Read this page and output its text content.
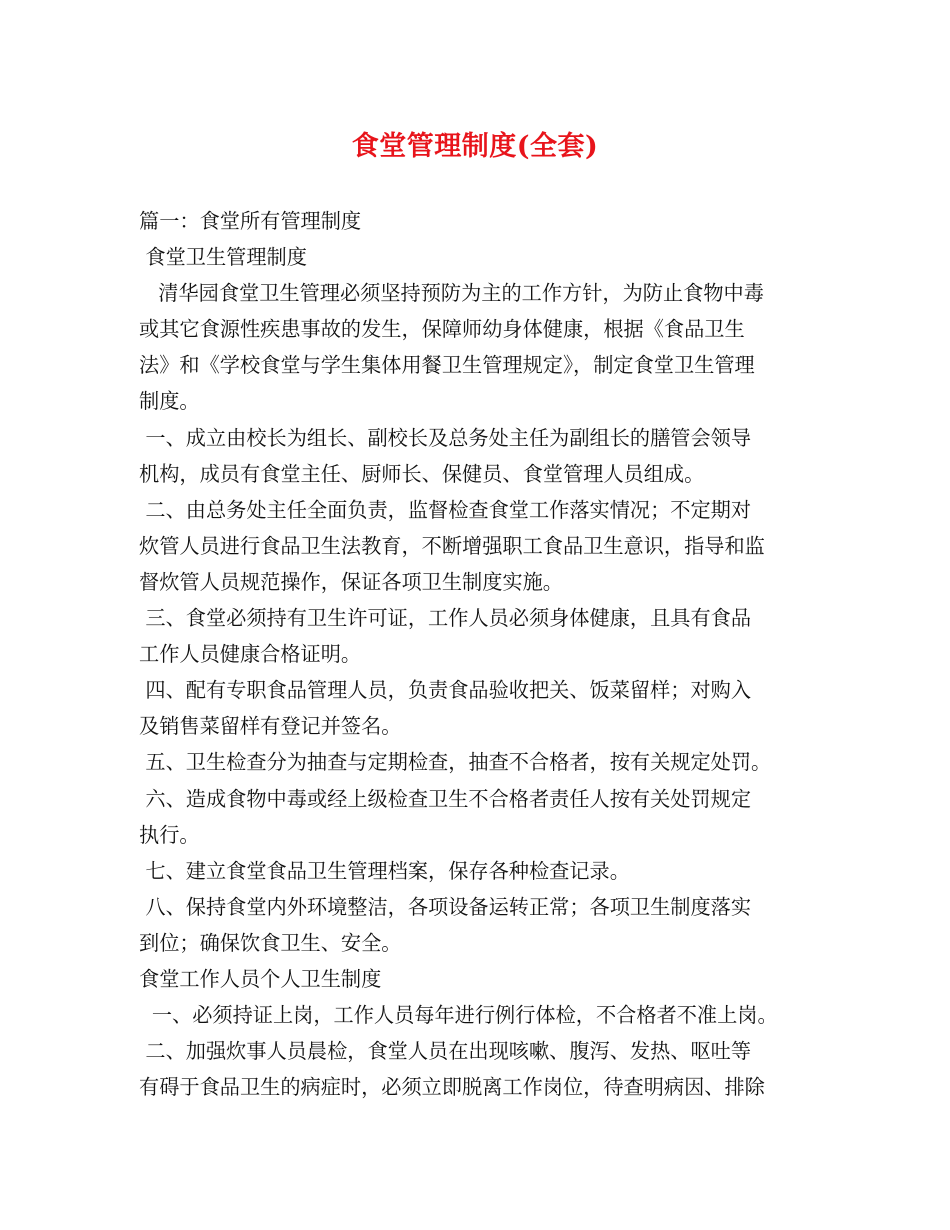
食堂管理制度(全套)
篇一：食堂所有管理制度
食堂卫生管理制度
清华园食堂卫生管理必须坚持预防为主的工作方针，为防止食物中毒
或其它食源性疾患事故的发生，保障师幼身体健康，根据《食品卫生
法》和《学校食堂与学生集体用餐卫生管理规定》，制定食堂卫生管理
制度。
一、成立由校长为组长、副校长及总务处主任为副组长的膳管会领导
机构，成员有食堂主任、厨师长、保健员、食堂管理人员组成。
二、由总务处主任全面负责，监督检查食堂工作落实情况；不定期对
炊管人员进行食品卫生法教育，不断增强职工食品卫生意识，指导和监
督炊管人员规范操作，保证各项卫生制度实施。
三、食堂必须持有卫生许可证，工作人员必须身体健康，且具有食品
工作人员健康合格证明。
四、配有专职食品管理人员，负责食品验收把关、饭菜留样；对购入
及销售菜留样有登记并签名。
五、卫生检查分为抽查与定期检查，抽查不合格者，按有关规定处罚。
六、造成食物中毒或经上级检查卫生不合格者责任人按有关处罚规定
执行。
七、建立食堂食品卫生管理档案，保存各种检查记录。
八、保持食堂内外环境整洁，各项设备运转正常；各项卫生制度落实
到位；确保饮食卫生、安全。
食堂工作人员个人卫生制度
一、必须持证上岗，工作人员每年进行例行体检，不合格者不准上岗。
二、加强炊事人员晨检，食堂人员在出现咳嗽、腹泻、发热、呕吐等
有碍于食品卫生的病症时，必须立即脱离工作岗位，待查明病因、排除
